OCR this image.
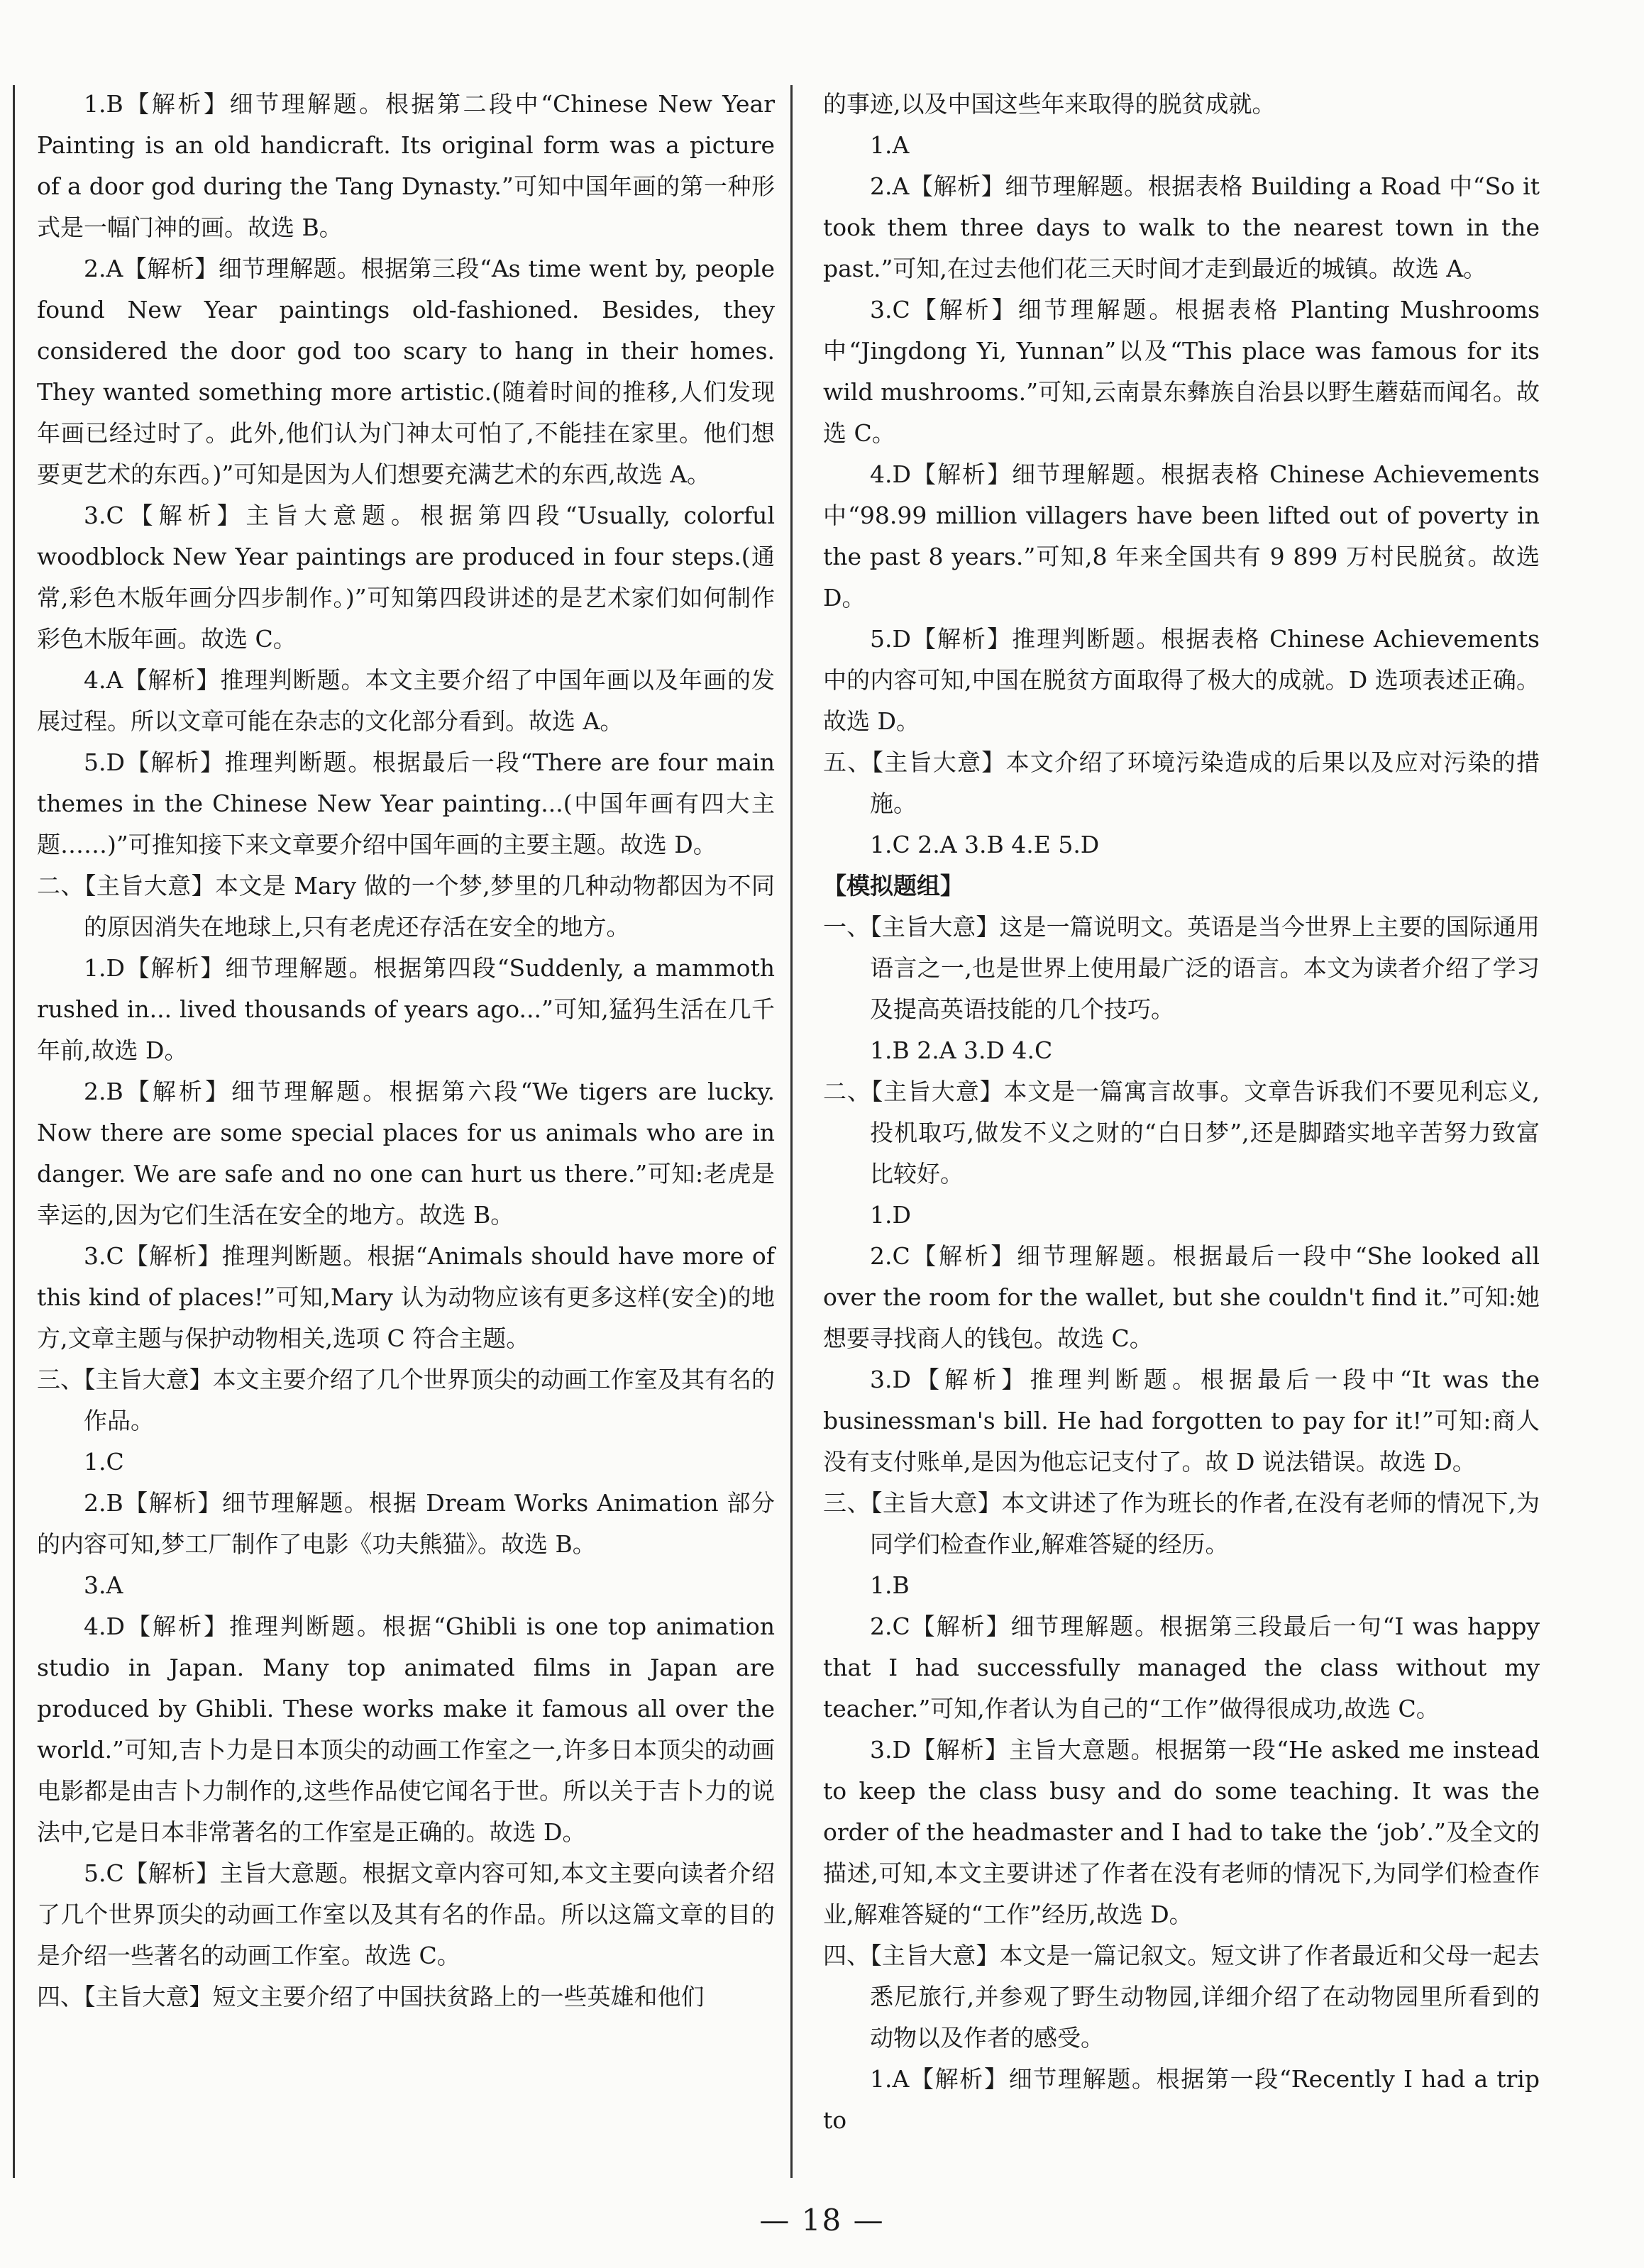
1.B【解析】细节理解题。根据第二段中“Chinese New Year Painting is an old handicraft. Its original form was a picture of a door god during the Tang Dynasty.”可知中国年画的第一种形式是一幅门神的画。故选 B。

2.A【解析】细节理解题。根据第三段“As time went by, people found New Year paintings old-fashioned. Besides, they considered the door god too scary to hang in their homes. They wanted something more artistic.(随着时间的推移,人们发现年画已经过时了。此外,他们认为门神太可怕了,不能挂在家里。他们想要更艺术的东西。)”可知是因为人们想要充满艺术的东西,故选 A。

3.C【解析】主旨大意题。根据第四段“Usually, colorful woodblock New Year paintings are produced in four steps.(通常,彩色木版年画分四步制作。)”可知第四段讲述的是艺术家们如何制作彩色木版年画。故选 C。

4.A【解析】推理判断题。本文主要介绍了中国年画以及年画的发展过程。所以文章可能在杂志的文化部分看到。故选 A。

5.D【解析】推理判断题。根据最后一段“There are four main themes in the Chinese New Year painting...(中国年画有四大主题……)”可推知接下来文章要介绍中国年画的主要主题。故选 D。

二、【主旨大意】本文是 Mary 做的一个梦,梦里的几种动物都因为不同的原因消失在地球上,只有老虎还存活在安全的地方。

1.D【解析】细节理解题。根据第四段“Suddenly, a mammoth rushed in... lived thousands of years ago...”可知,猛犸生活在几千年前,故选 D。

2.B【解析】细节理解题。根据第六段“We tigers are lucky. Now there are some special places for us animals who are in danger. We are safe and no one can hurt us there.”可知:老虎是幸运的,因为它们生活在安全的地方。故选 B。

3.C【解析】推理判断题。根据“Animals should have more of this kind of places!”可知,Mary 认为动物应该有更多这样(安全)的地方,文章主题与保护动物相关,选项 C 符合主题。

三、【主旨大意】本文主要介绍了几个世界顶尖的动画工作室及其有名的作品。

1.C

2.B【解析】细节理解题。根据 Dream Works Animation 部分的内容可知,梦工厂制作了电影《功夫熊猫》。故选 B。

3.A

4.D【解析】推理判断题。根据“Ghibli is one top animation studio in Japan. Many top animated films in Japan are produced by Ghibli. These works make it famous all over the world.”可知,吉卜力是日本顶尖的动画工作室之一,许多日本顶尖的动画电影都是由吉卜力制作的,这些作品使它闻名于世。所以关于吉卜力的说法中,它是日本非常著名的工作室是正确的。故选 D。

5.C【解析】主旨大意题。根据文章内容可知,本文主要向读者介绍了几个世界顶尖的动画工作室以及其有名的作品。所以这篇文章的目的是介绍一些著名的动画工作室。故选 C。

四、【主旨大意】短文主要介绍了中国扶贫路上的一些英雄和他们

的事迹,以及中国这些年来取得的脱贫成就。

1.A

2.A【解析】细节理解题。根据表格 Building a Road 中“So it took them three days to walk to the nearest town in the past.”可知,在过去他们花三天时间才走到最近的城镇。故选 A。

3.C【解析】细节理解题。根据表格 Planting Mushrooms 中“Jingdong Yi, Yunnan”以及“This place was famous for its wild mushrooms.”可知,云南景东彝族自治县以野生蘑菇而闻名。故选 C。

4.D【解析】细节理解题。根据表格 Chinese Achievements 中“98.99 million villagers have been lifted out of poverty in the past 8 years.”可知,8 年来全国共有 9 899 万村民脱贫。故选 D。

5.D【解析】推理判断题。根据表格 Chinese Achievements 中的内容可知,中国在脱贫方面取得了极大的成就。D 选项表述正确。故选 D。

五、【主旨大意】本文介绍了环境污染造成的后果以及应对污染的措施。

1.C 2.A 3.B 4.E 5.D

【模拟题组】

一、【主旨大意】这是一篇说明文。英语是当今世界上主要的国际通用语言之一,也是世界上使用最广泛的语言。本文为读者介绍了学习及提高英语技能的几个技巧。

1.B 2.A 3.D 4.C

二、【主旨大意】本文是一篇寓言故事。文章告诉我们不要见利忘义,投机取巧,做发不义之财的“白日梦”,还是脚踏实地辛苦努力致富比较好。

1.D

2.C【解析】细节理解题。根据最后一段中“She looked all over the room for the wallet, but she couldn't find it.”可知:她想要寻找商人的钱包。故选 C。

3.D【解析】推理判断题。根据最后一段中“It was the businessman's bill. He had forgotten to pay for it!”可知:商人没有支付账单,是因为他忘记支付了。故 D 说法错误。故选 D。

三、【主旨大意】本文讲述了作为班长的作者,在没有老师的情况下,为同学们检查作业,解难答疑的经历。

1.B

2.C【解析】细节理解题。根据第三段最后一句“I was happy that I had successfully managed the class without my teacher.”可知,作者认为自己的“工作”做得很成功,故选 C。

3.D【解析】主旨大意题。根据第一段“He asked me instead to keep the class busy and do some teaching. It was the order of the headmaster and I had to take the ‘job’.”及全文的描述,可知,本文主要讲述了作者在没有老师的情况下,为同学们检查作业,解难答疑的“工作”经历,故选 D。

四、【主旨大意】本文是一篇记叙文。短文讲了作者最近和父母一起去悉尼旅行,并参观了野生动物园,详细介绍了在动物园里所看到的动物以及作者的感受。

1.A【解析】细节理解题。根据第一段“Recently I had a trip to

— 18 —
